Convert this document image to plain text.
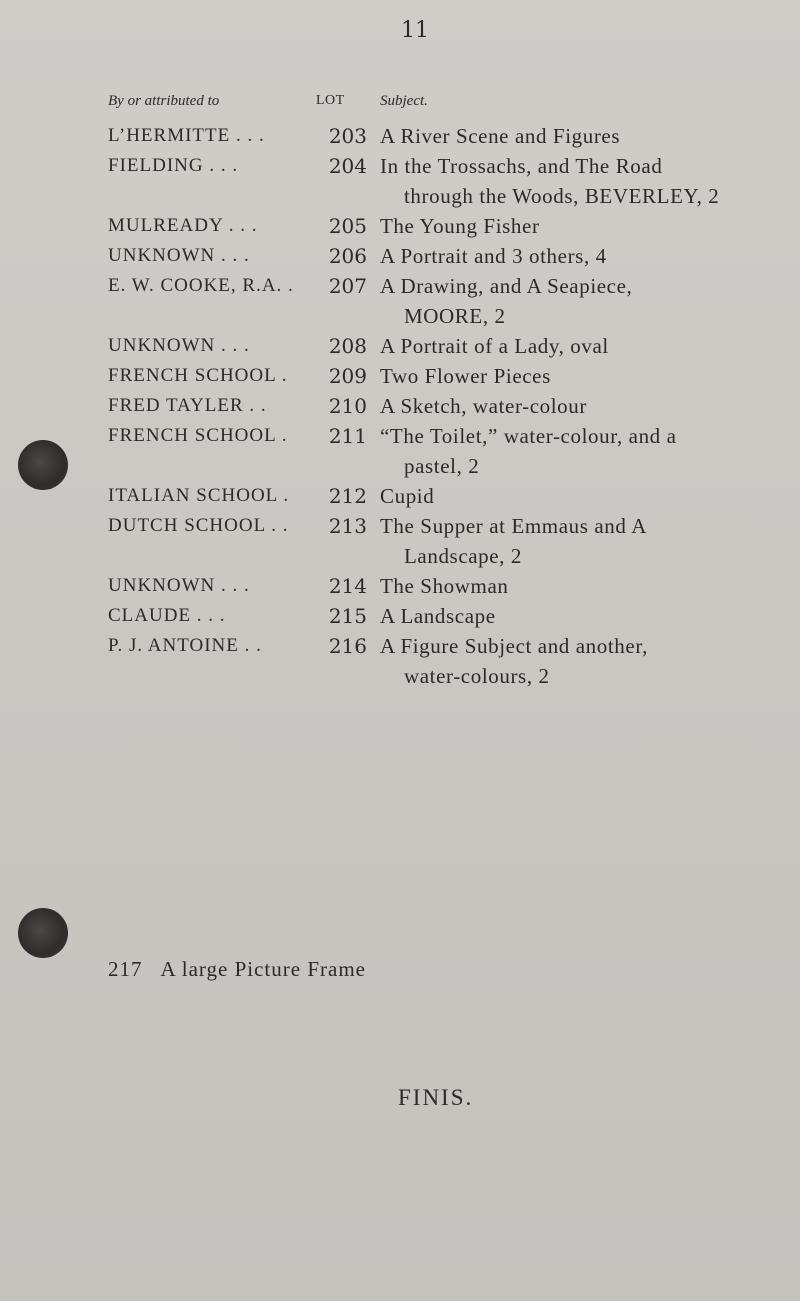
11
By or attributed to	LOT Subject.
L’HERMITTE . . .	203 A River Scene and Figures
FIELDING . . .	204 In the Trossachs, and The Road
through the Woods, BEVERLEY, 2
MULREADY . . .	205 The Young Fisher
UNKNOWN . . .	206 A Portrait and 3 others, 4
E. W. COOKE, R.A. .	207 A Drawing, and A Seapiece,
MOORE, 2
UNKNOWN . . .	208 A Portrait of a Lady, oval
FRENCH SCHOOL .	209 Two Flower Pieces
FRED TAYLER . .	210 A Sketch, water-colour
FRENCH SCHOOL .	211 “The Toilet,” water-colour, and a
pastel, 2
ITALIAN SCHOOL .	212 Cupid
DUTCH SCHOOL . .	213 The Supper at Emmaus and A
Landscape, 2
UNKNOWN . . .	214 The Showman
CLAUDE . . .	215 A Landscape
P. J. ANTOINE . .	216 A Figure Subject and another,
water-colours, 2
217 A large Picture Frame
FINIS.
